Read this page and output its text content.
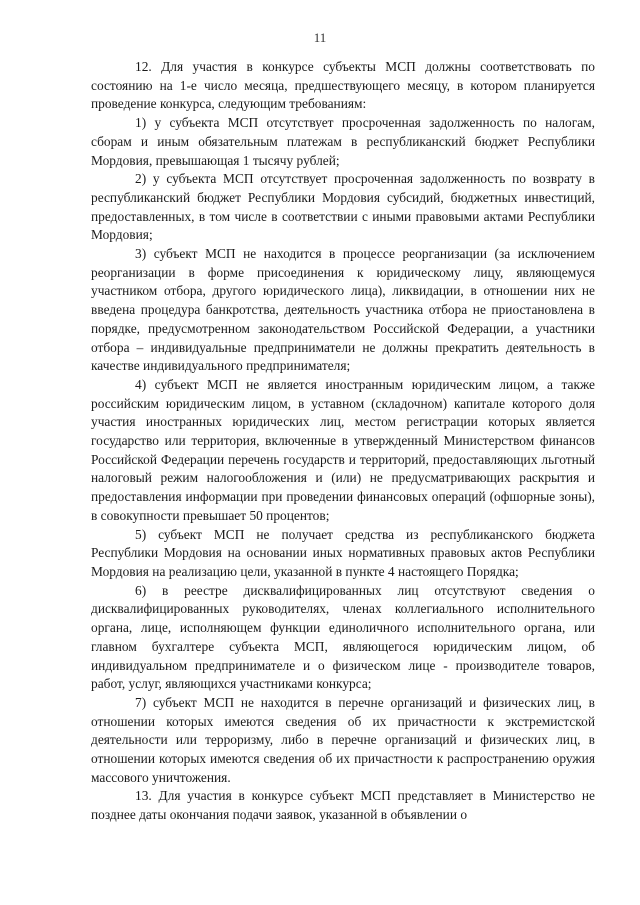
11

12. Для участия в конкурсе субъекты МСП должны соответствовать по состоянию на 1-е число месяца, предшествующего месяцу, в котором планируется проведение конкурса, следующим требованиям:

1) у субъекта МСП отсутствует просроченная задолженность по налогам, сборам и иным обязательным платежам в республиканский бюджет Республики Мордовия, превышающая 1 тысячу рублей;

2) у субъекта МСП отсутствует просроченная задолженность по возврату в республиканский бюджет Республики Мордовия субсидий, бюджетных инвестиций, предоставленных, в том числе в соответствии с иными правовыми актами Республики Мордовия;

3) субъект МСП не находится в процессе реорганизации (за исключением реорганизации в форме присоединения к юридическому лицу, являющемуся участником отбора, другого юридического лица), ликвидации, в отношении них не введена процедура банкротства, деятельность участника отбора не приостановлена в порядке, предусмотренном законодательством Российской Федерации, а участники отбора – индивидуальные предприниматели не должны прекратить деятельность в качестве индивидуального предпринимателя;

4) субъект МСП не является иностранным юридическим лицом, а также российским юридическим лицом, в уставном (складочном) капитале которого доля участия иностранных юридических лиц, местом регистрации которых является государство или территория, включенные в утвержденный Министерством финансов Российской Федерации перечень государств и территорий, предоставляющих льготный налоговый режим налогообложения и (или) не предусматривающих раскрытия и предоставления информации при проведении финансовых операций (офшорные зоны), в совокупности превышает 50 процентов;

5) субъект МСП не получает средства из республиканского бюджета Республики Мордовия на основании иных нормативных правовых актов Республики Мордовия на реализацию цели, указанной в пункте 4 настоящего Порядка;

6) в реестре дисквалифицированных лиц отсутствуют сведения о дисквалифицированных руководителях, членах коллегиального исполнительного органа, лице, исполняющем функции единоличного исполнительного органа, или главном бухгалтере субъекта МСП, являющегося юридическим лицом, об индивидуальном предпринимателе и о физическом лице - производителе товаров, работ, услуг, являющихся участниками конкурса;

7) субъект МСП не находится в перечне организаций и физических лиц, в отношении которых имеются сведения об их причастности к экстремистской деятельности или терроризму, либо в перечне организаций и физических лиц, в отношении которых имеются сведения об их причастности к распространению оружия массового уничтожения.

13. Для участия в конкурсе субъект МСП представляет в Министерство не позднее даты окончания подачи заявок, указанной в объявлении о
